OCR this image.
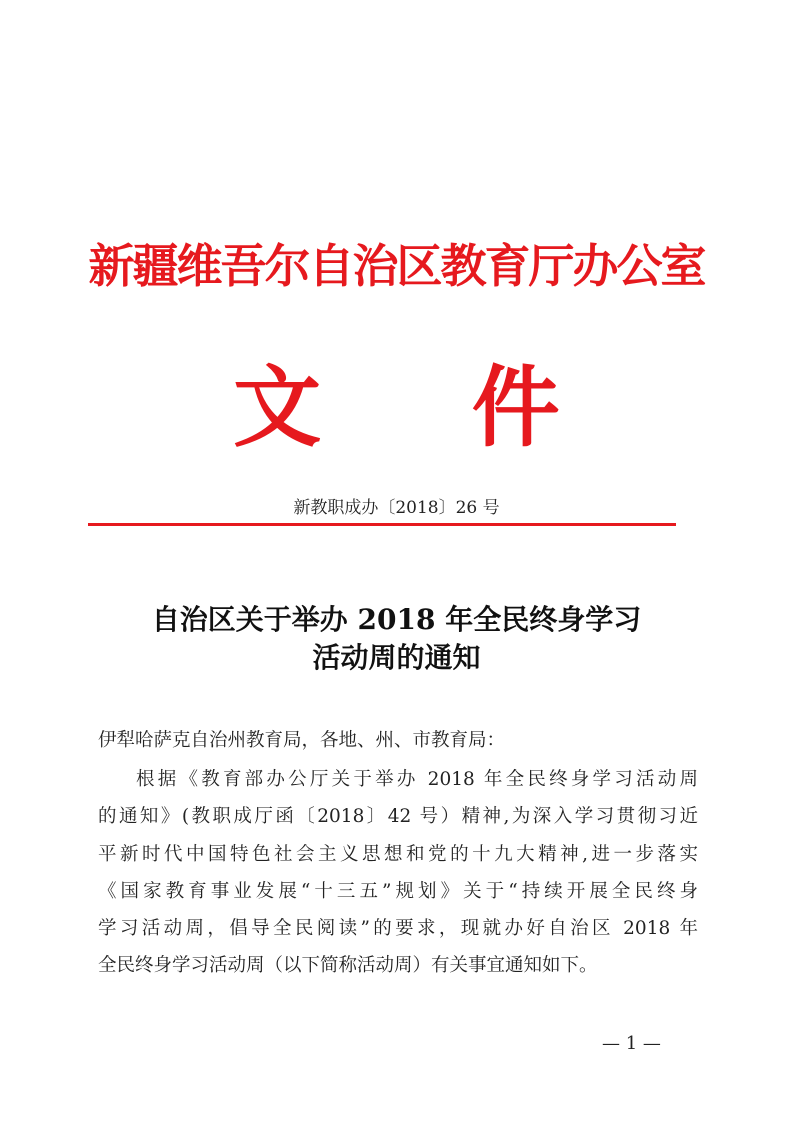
新疆维吾尔自治区教育厅办公室
文 件
新教职成办〔2018〕26 号
自治区关于举办 2018 年全民终身学习
活动周的通知
伊犁哈萨克自治州教育局，各地、州、市教育局：
根据《教育部办公厅关于举办 2018 年全民终身学习活动周
的通知》(教职成厅函〔2018〕42 号）精神,为深入学习贯彻习近
平新时代中国特色社会主义思想和党的十九大精神,进一步落实
《国家教育事业发展“十三五”规划》关于“持续开展全民终身
学习活动周，倡导全民阅读”的要求，现就办好自治区 2018 年
全民终身学习活动周（以下简称活动周）有关事宜通知如下。
— 1 —
